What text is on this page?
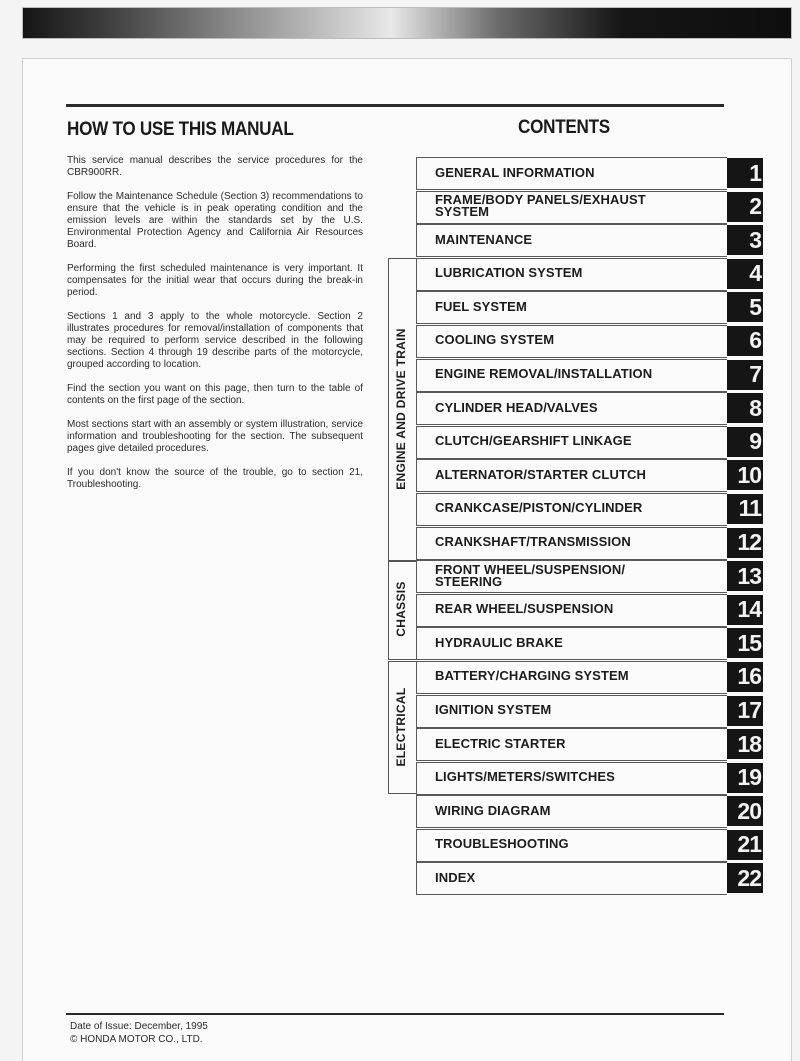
HOW TO USE THIS MANUAL	CONTENTS

This service manual describes the service procedures for the CBR900RR.

Follow the Maintenance Schedule (Section 3) recommendations to ensure that the vehicle is in peak operating condition and the emission levels are within the standards set by the U.S. Environmental Protection Agency and California Air Resources Board.

Performing the first scheduled maintenance is very important. It compensates for the initial wear that occurs during the break-in period.

Sections 1 and 3 apply to the whole motorcycle. Section 2 illustrates procedures for removal/installation of components that may be required to perform service described in the following sections. Section 4 through 19 describe parts of the motorcycle, grouped according to location.

Find the section you want on this page, then turn to the table of contents on the first page of the section.

Most sections start with an assembly or system illustration, service information and troubleshooting for the section. The subsequent pages give detailed procedures.

If you don't know the source of the trouble, go to section 21, Troubleshooting.	ENGINE AND DRIVE TRAIN
CHASSIS
ELECTRICAL
GENERAL INFORMATION	1
FRAME/BODY PANELS/EXHAUST SYSTEM	2
MAINTENANCE	3
LUBRICATION SYSTEM	4
FUEL SYSTEM	5
COOLING SYSTEM	6
ENGINE REMOVAL/INSTALLATION	7
CYLINDER HEAD/VALVES	8
CLUTCH/GEARSHIFT LINKAGE	9
ALTERNATOR/STARTER CLUTCH	10
CRANKCASE/PISTON/CYLINDER	11
CRANKSHAFT/TRANSMISSION	12
FRONT WHEEL/SUSPENSION/ STEERING	13
REAR WHEEL/SUSPENSION	14
HYDRAULIC BRAKE	15
BATTERY/CHARGING SYSTEM	16
IGNITION SYSTEM	17
ELECTRIC STARTER	18
LIGHTS/METERS/SWITCHES	19
WIRING DIAGRAM	20
TROUBLESHOOTING	21
INDEX	22
Date of Issue: December, 1995
© HONDA MOTOR CO., LTD.
